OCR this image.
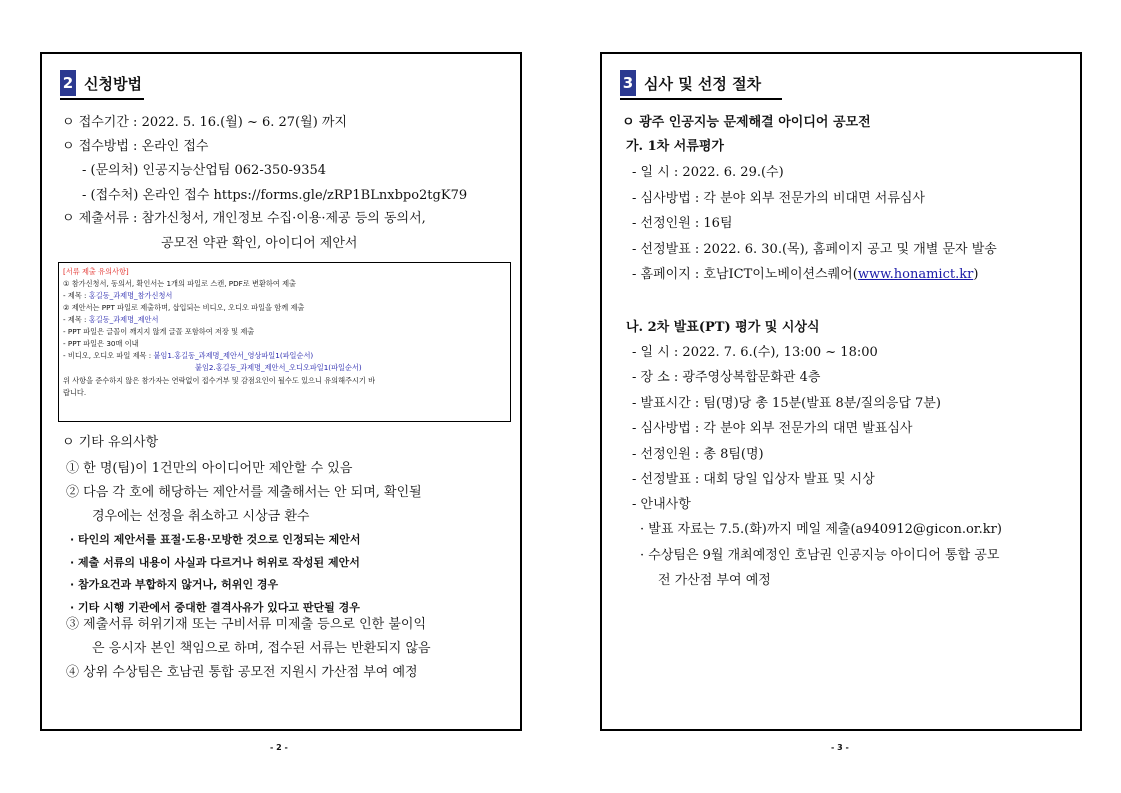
2 신청방법
ㅇ 접수기간 : 2022. 5. 16.(월) ~ 6. 27(월) 까지
ㅇ 접수방법 : 온라인 접수
- (문의처) 인공지능산업팀 062-350-9354
- (접수처) 온라인 접수 https://forms.gle/zRP1BLnxbpo2tgK79
ㅇ 제출서류 : 참가신청서, 개인정보 수집·이용·제공 등의 동의서,
공모전 약관 확인, 아이디어 제안서
[서류 제출 유의사항]
① 참가신청서, 동의서, 확인서는 1개의 파일로 스캔, PDF로 변환하여 제출
- 제목 : 홍길동_과제명_참가신청서
② 제안서는 PPT 파일로 제출하며, 삽입되는 비디오, 오디오 파일을 함께 제출
- 제목 : 홍길동_과제명_제안서
- PPT 파일은 글꼴이 깨지지 않게 글꼴 포함하여 저장 및 제출
- PPT 파일은 30매 이내
- 비디오, 오디오 파일 제목 : 붙임1.홍길동_과제명_제안서_영상파일1(파일순서)
붙임2.홍길동_과제명_제안서_오디오파일1(파일순서)
위 사항을 준수하지 않은 참가자는 연락없이 접수거부 및 감점요인이 될수도 있으니 유의해주시기 바
랍니다.
ㅇ 기타 유의사항
① 한 명(팀)이 1건만의 아이디어만 제안할 수 있음
② 다음 각 호에 해당하는 제안서를 제출해서는 안 되며, 확인될
경우에는 선정을 취소하고 시상금 환수
· 타인의 제안서를 표절·도용·모방한 것으로 인정되는 제안서
· 제출 서류의 내용이 사실과 다르거나 허위로 작성된 제안서
· 참가요건과 부합하지 않거나, 허위인 경우
· 기타 시행 기관에서 중대한 결격사유가 있다고 판단될 경우
③ 제출서류 허위기재 또는 구비서류 미제출 등으로 인한 불이익
은 응시자 본인 책임으로 하며, 접수된 서류는 반환되지 않음
④ 상위 수상팀은 호남권 통합 공모전 지원시 가산점 부여 예정
- 2 -
3 심사 및 선정 절차
ㅇ 광주 인공지능 문제해결 아이디어 공모전
가. 1차 서류평가
- 일 시 : 2022. 6. 29.(수)
- 심사방법 : 각 분야 외부 전문가의 비대면 서류심사
- 선정인원 : 16팀
- 선정발표 : 2022. 6. 30.(목), 홈페이지 공고 및 개별 문자 발송
- 홈페이지 : 호남ICT이노베이션스퀘어(www.honamict.kr)
나. 2차 발표(PT) 평가 및 시상식
- 일 시 : 2022. 7. 6.(수), 13:00 ~ 18:00
- 장 소 : 광주영상복합문화관 4층
- 발표시간 : 팀(명)당 총 15분(발표 8분/질의응답 7분)
- 심사방법 : 각 분야 외부 전문가의 대면 발표심사
- 선정인원 : 총 8팀(명)
- 선정발표 : 대회 당일 입상자 발표 및 시상
- 안내사항
· 발표 자료는 7.5.(화)까지 메일 제출(a940912@gicon.or.kr)
· 수상팀은 9월 개최예정인 호남권 인공지능 아이디어 통합 공모
전 가산점 부여 예정
- 3 -
